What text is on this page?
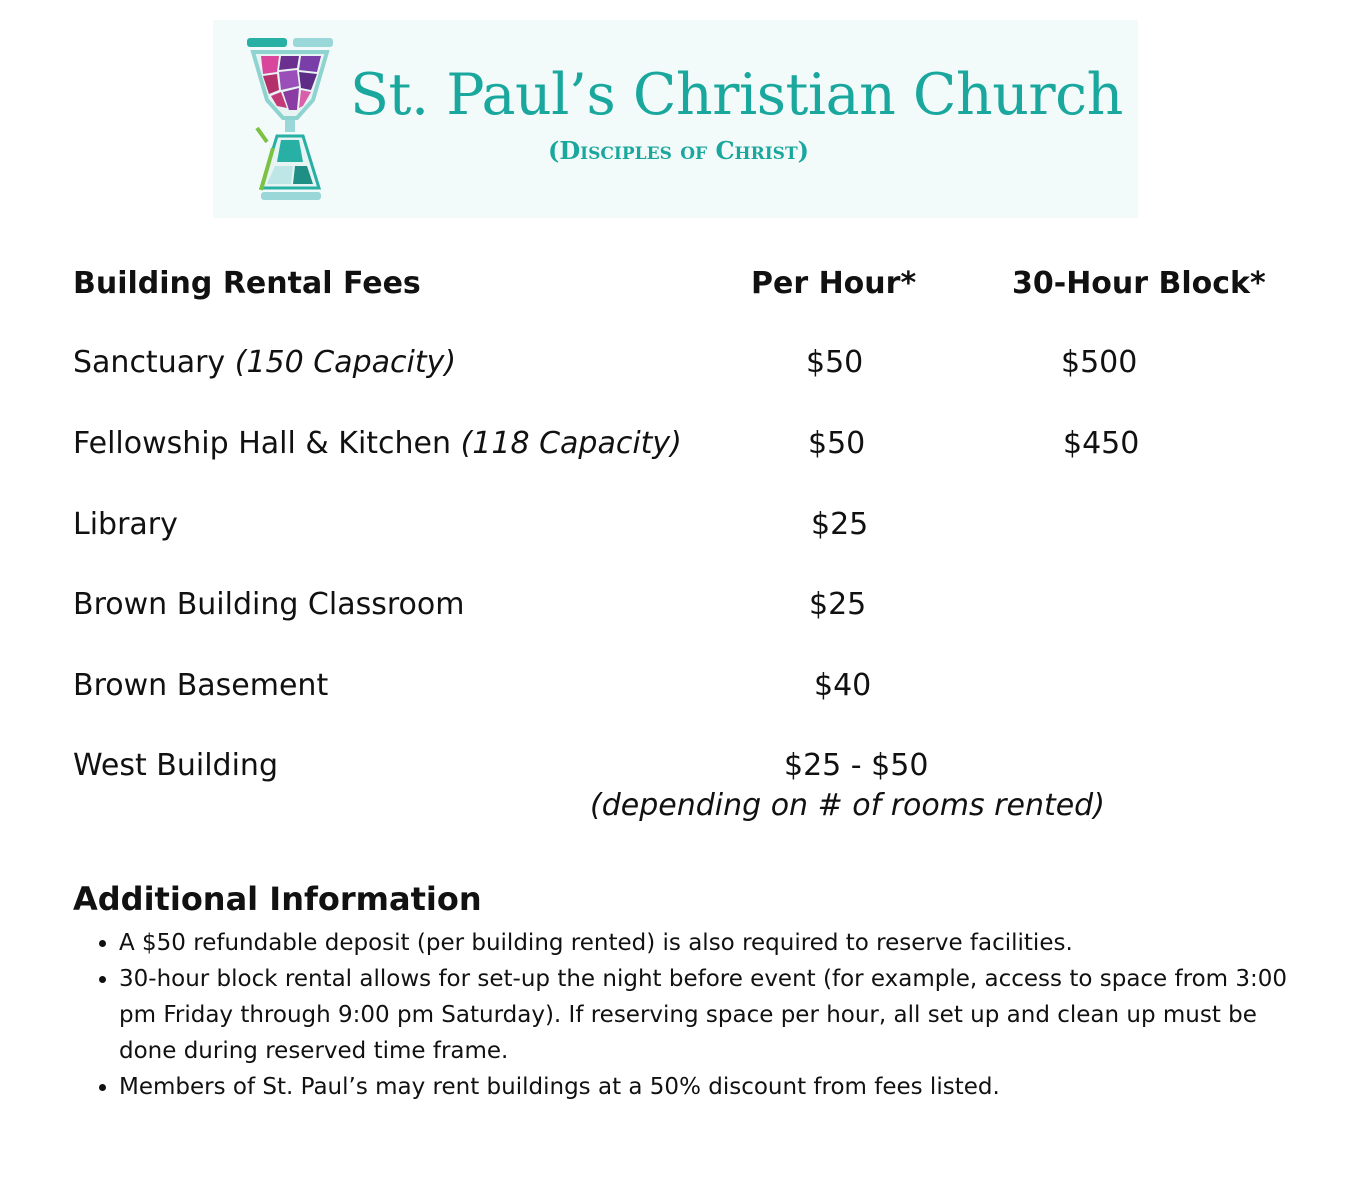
St. Paul’s Christian Church
(Disciples of Christ)
Building Rental Fees	Per Hour*	30-Hour Block*
Sanctuary (150 Capacity)	$50	$500
Fellowship Hall & Kitchen (118 Capacity)	$50	$450
Library	$25
Brown Building Classroom	$25
Brown Basement	$40
West Building	$25 - $50
(depending on # of rooms rented)
Additional Information
• A $50 refundable deposit (per building rented) is also required to reserve facilities.
• 30-hour block rental allows for set-up the night before event (for example, access to space from 3:00 pm Friday through 9:00 pm Saturday). If reserving space per hour, all set up and clean up must be done during reserved time frame.
• Members of St. Paul’s may rent buildings at a 50% discount from fees listed.
